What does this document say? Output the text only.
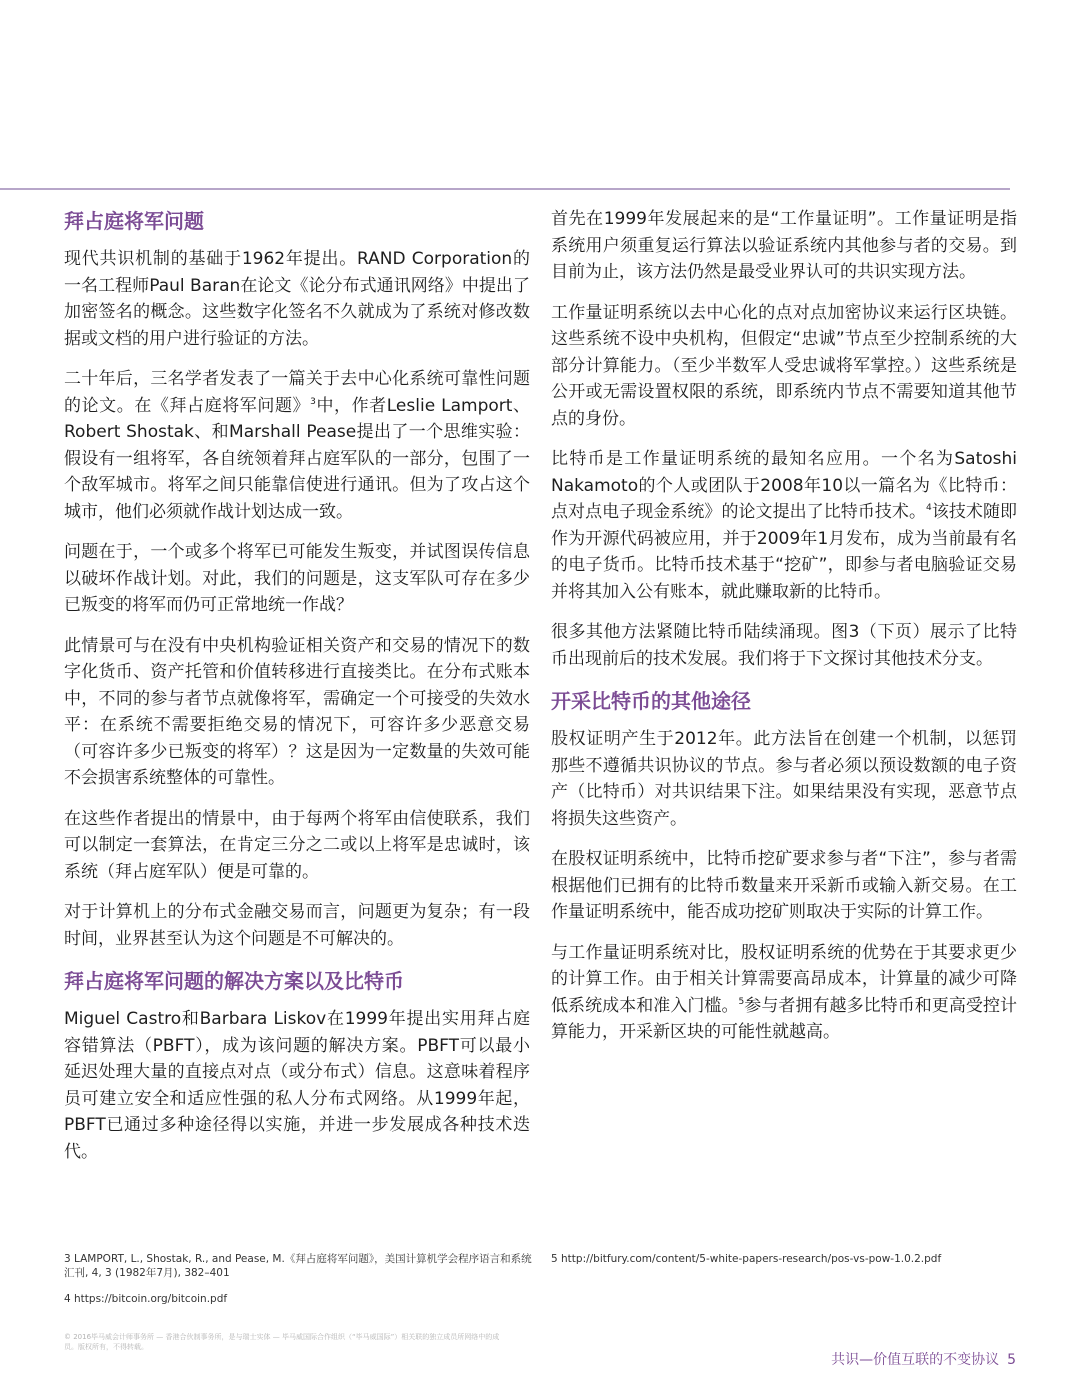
拜占庭将军问题

现代共识机制的基础于1962年提出。RAND Corporation的一名工程师Paul Baran在论文《论分布式通讯网络》中提出了加密签名的概念。这些数字化签名不久就成为了系统对修改数据或文档的用户进行验证的方法。

二十年后，三名学者发表了一篇关于去中心化系统可靠性问题的论文。在《拜占庭将军问题》$^3$中，作者Leslie Lamport、Robert Shostak、和Marshall Pease提出了一个思维实验：假设有一组将军，各自统领着拜占庭军队的一部分，包围了一个敌军城市。将军之间只能靠信使进行通讯。但为了攻占这个城市，他们必须就作战计划达成一致。

问题在于，一个或多个将军已可能发生叛变，并试图误传信息以破坏作战计划。对此，我们的问题是，这支军队可存在多少已叛变的将军而仍可正常地统一作战？

此情景可与在没有中央机构验证相关资产和交易的情况下的数字化货币、资产托管和价值转移进行直接类比。在分布式账本中，不同的参与者节点就像将军，需确定一个可接受的失效水平：在系统不需要拒绝交易的情况下，可容许多少恶意交易（可容许多少已叛变的将军）？这是因为一定数量的失效可能不会损害系统整体的可靠性。

在这些作者提出的情景中，由于每两个将军由信使联系，我们可以制定一套算法，在肯定三分之二或以上将军是忠诚时，该系统（拜占庭军队）便是可靠的。

对于计算机上的分布式金融交易而言，问题更为复杂；有一段时间，业界甚至认为这个问题是不可解决的。

拜占庭将军问题的解决方案以及比特币

Miguel Castro和Barbara Liskov在1999年提出实用拜占庭容错算法（PBFT），成为该问题的解决方案。PBFT可以最小延迟处理大量的直接点对点（或分布式）信息。这意味着程序员可建立安全和适应性强的私人分布式网络。从1999年起，PBFT已通过多种途径得以实施，并进一步发展成各种技术迭代。

首先在1999年发展起来的是“工作量证明”。工作量证明是指系统用户须重复运行算法以验证系统内其他参与者的交易。到目前为止，该方法仍然是最受业界认可的共识实现方法。

工作量证明系统以去中心化的点对点加密协议来运行区块链。这些系统不设中央机构，但假定“忠诚”节点至少控制系统的大部分计算能力。（至少半数军人受忠诚将军掌控。）这些系统是公开或无需设置权限的系统，即系统内节点不需要知道其他节点的身份。

比特币是工作量证明系统的最知名应用。一个名为Satoshi Nakamoto的个人或团队于2008年10以一篇名为《比特币：点对点电子现金系统》的论文提出了比特币技术。$^4$该技术随即作为开源代码被应用，并于2009年1月发布，成为当前最有名的电子货币。比特币技术基于“挖矿”，即参与者电脑验证交易并将其加入公有账本，就此赚取新的比特币。

很多其他方法紧随比特币陆续涌现。图3（下页）展示了比特币出现前后的技术发展。我们将于下文探讨其他技术分支。

开采比特币的其他途径

股权证明产生于2012年。此方法旨在创建一个机制，以惩罚那些不遵循共识协议的节点。参与者必须以预设数额的电子资产（比特币）对共识结果下注。如果结果没有实现，恶意节点将损失这些资产。

在股权证明系统中，比特币挖矿要求参与者“下注”，参与者需根据他们已拥有的比特币数量来开采新币或输入新交易。在工作量证明系统中，能否成功挖矿则取决于实际的计算工作。

与工作量证明系统对比，股权证明系统的优势在于其要求更少的计算工作。由于相关计算需要高昂成本，计算量的减少可降低系统成本和准入门槛。$^5$参与者拥有越多比特币和更高受控计算能力，开采新区块的可能性就越高。

3 LAMPORT, L., Shostak, R., and Pease, M.《拜占庭将军问题》，美国计算机学会程序语言和系统汇刊, 4, 3 (1982年7月), 382–401
4 https://bitcoin.org/bitcoin.pdf
5 http://bitfury.com/content/5-white-papers-research/pos-vs-pow-1.0.2.pdf
© 2016毕马威会计师事务所 — 香港合伙制事务所，是与瑞士实体 — 毕马威国际合作组织（“毕马威国际”）相关联的独立成员所网络中的成员。版权所有，不得转载。
共识—价值互联的不变协议 5
